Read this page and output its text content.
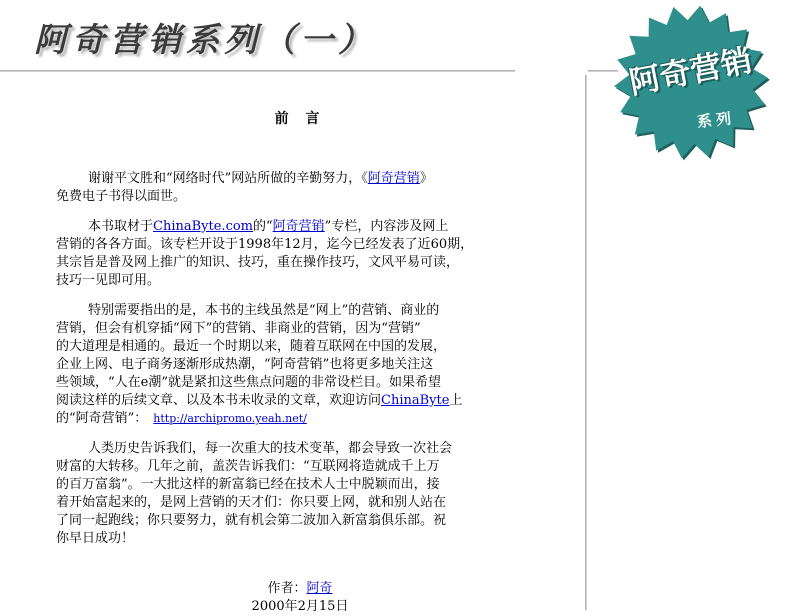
阿奇营销系列（一）
阿奇营销
系列
前 言
谢谢平文胜和“网络时代”网站所做的辛勤努力，《阿奇营销》
免费电子书得以面世。
本书取材于ChinaByte.com的“阿奇营销”专栏，内容涉及网上
营销的各各方面。该专栏开设于1998年12月，迄今已经发表了近60期，
其宗旨是普及网上推广的知识、技巧，重在操作技巧，文风平易可读，
技巧一见即可用。
特别需要指出的是，本书的主线虽然是“网上”的营销、商业的
营销，但会有机穿插“网下”的营销、非商业的营销，因为“营销”
的大道理是相通的。最近一个时期以来，随着互联网在中国的发展，
企业上网、电子商务逐渐形成热潮，“阿奇营销”也将更多地关注这
些领域，“人在e潮”就是紧扣这些焦点问题的非常设栏目。如果希望
阅读这样的后续文章、以及本书未收录的文章，欢迎访问ChinaByte上
的“阿奇营销”： http://archipromo.yeah.net/
人类历史告诉我们，每一次重大的技术变革，都会导致一次社会
财富的大转移。几年之前，盖茨告诉我们：“互联网将造就成千上万
的百万富翁”。一大批这样的新富翁已经在技术人士中脱颖而出，接
着开始富起来的，是网上营销的天才们：你只要上网，就和别人站在
了同一起跑线；你只要努力，就有机会第二波加入新富翁俱乐部。祝
你早日成功！
作者：阿奇
2000年2月15日
